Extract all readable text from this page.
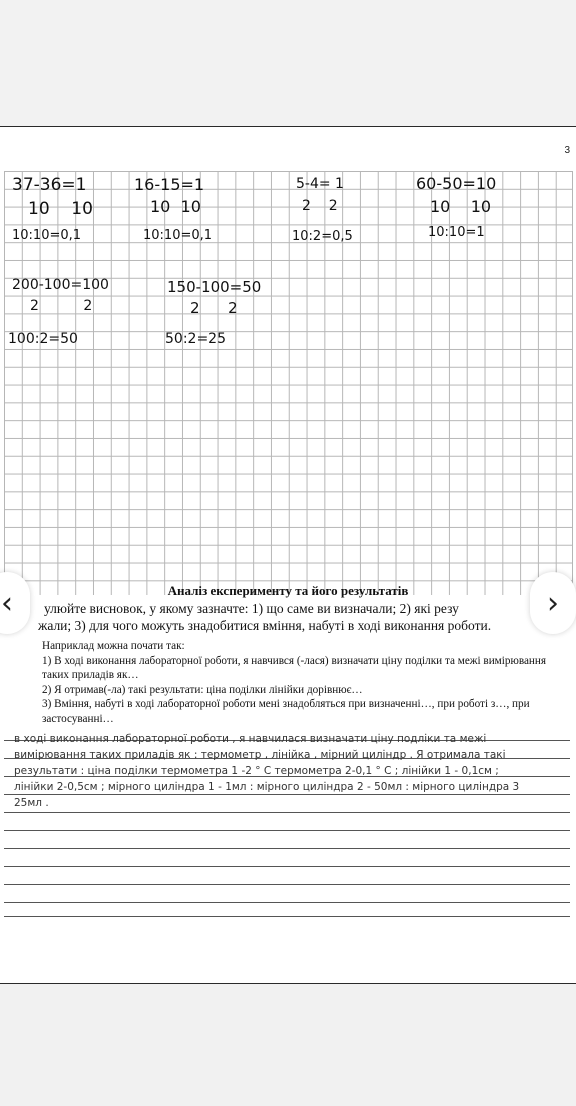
3
37-36=1
10    10
10:10=0,1
16-15=1
10  10
10:10=0,1
5-4= 1
2    2
10:2=0,5
60-50=10
10    10
10:10=1
200-100=100
2          2
100:2=50
150-100=50
2      2
50:2=25
‹	›
Аналіз експерименту та його результатів
улюйте висновок, у якому зазначте: 1) що саме ви визначали; 2) які резу
жали; 3) для чого можуть знадобитися вміння, набуті в ході виконання роботи.
Наприклад можна почати так:
1) В ході виконання лабораторної роботи, я навчився (-лася) визначати ціну поділки та межі вимірювання таких приладів як…
2) Я отримав(-ла) такі результати: ціна поділки лінійки дорівнює…
3) Вміння, набуті в ході лабораторної роботи мені знадобляться при визначенні…, при роботі з…, при застосуванні…
в ході виконання лабораторної роботи , я навчилася визначати ціну подліки та межі
вимірювання таких приладів як : термометр , лінійка , мірний циліндр . Я отримала такі
результати : ціна поділки термометра 1 -2 ° С термометра 2-0,1 ° С ; лінійки 1 - 0,1см ;
лінійки 2-0,5см ; мірного циліндра 1 - 1мл : мірного циліндра 2 - 50мл : мірного циліндра 3
25мл .
